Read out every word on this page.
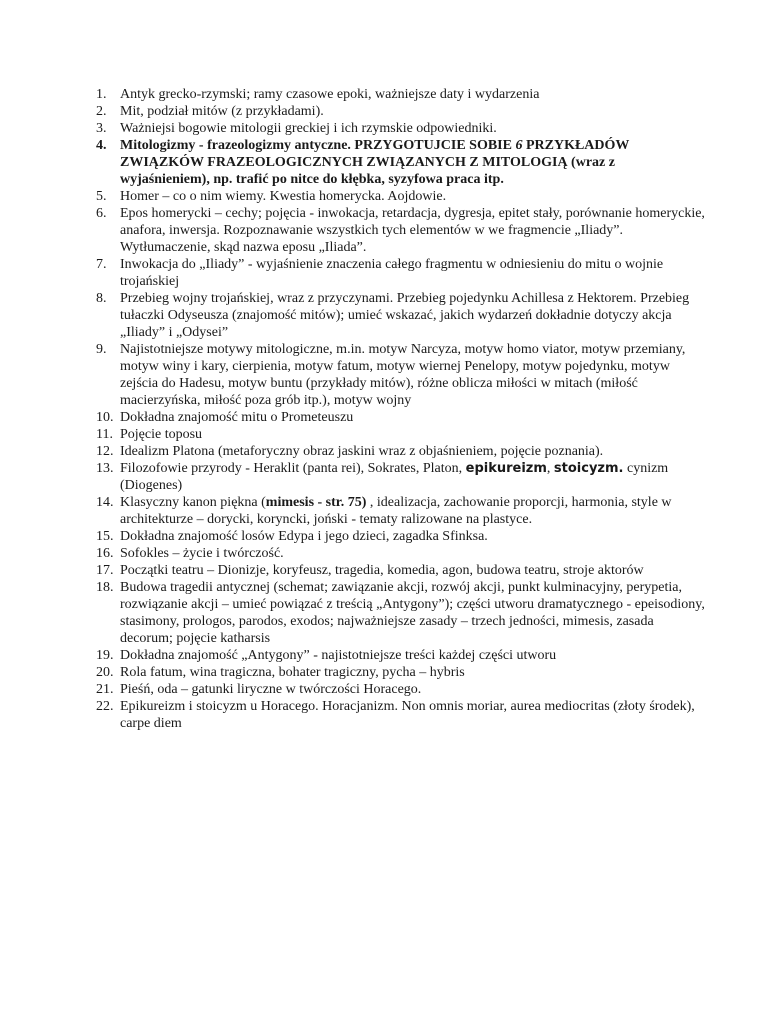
1. Antyk grecko-rzymski; ramy czasowe epoki, ważniejsze daty i wydarzenia
2. Mit, podział mitów (z przykładami).
3. Ważniejsi bogowie mitologii greckiej i ich rzymskie odpowiedniki.
4. Mitologizmy - frazeologizmy antyczne. PRZYGOTUJCIE SOBIE 6 PRZYKŁADÓW ZWIĄZKÓW FRAZEOLOGICZNYCH ZWIĄZANYCH Z MITOLOGIĄ (wraz z wyjaśnieniem), np. trafić po nitce do kłębka, syzyfowa praca itp.
5. Homer – co o nim wiemy. Kwestia homerycka. Aojdowie.
6. Epos homerycki – cechy; pojęcia - inwokacja, retardacja, dygresja, epitet stały, porównanie homeryckie, anafora, inwersja. Rozpoznawanie wszystkich tych elementów w we fragmencie „Iliady”. Wytłumaczenie, skąd nazwa eposu „Iliada”.
7. Inwokacja do „Iliady” - wyjaśnienie znaczenia całego fragmentu w odniesieniu do mitu o wojnie trojańskiej
8. Przebieg wojny trojańskiej, wraz z przyczynami. Przebieg pojedynku Achillesa z Hektorem. Przebieg tułaczki Odyseusza (znajomość mitów); umieć wskazać, jakich wydarzeń dokładnie dotyczy akcja „Iliady” i „Odysei”
9. Najistotniejsze motywy mitologiczne, m.in. motyw Narcyza, motyw homo viator, motyw przemiany, motyw winy i kary, cierpienia, motyw fatum, motyw wiernej Penelopy, motyw pojedynku, motyw zejścia do Hadesu, motyw buntu (przykłady mitów), różne oblicza miłości w mitach (miłość macierzyńska, miłość poza grób itp.), motyw wojny
10. Dokładna znajomość mitu o Prometeuszu
11. Pojęcie toposu
12. Idealizm Platona (metaforyczny obraz jaskini wraz z objaśnieniem, pojęcie poznania).
13. Filozofowie przyrody - Heraklit (panta rei), Sokrates, Platon, epikureizm, stoicyzm. cynizm (Diogenes)
14. Klasyczny kanon piękna (mimesis - str. 75) , idealizacja, zachowanie proporcji, harmonia, style w architekturze – dorycki, koryncki, joński - tematy ralizowane na plastyce.
15. Dokładna znajomość losów Edypa i jego dzieci, zagadka Sfinksa.
16. Sofokles – życie i twórczość.
17. Początki teatru – Dionizje, koryfeusz, tragedia, komedia, agon, budowa teatru, stroje aktorów
18. Budowa tragedii antycznej (schemat; zawiązanie akcji, rozwój akcji, punkt kulminacyjny, perypetia, rozwiązanie akcji – umieć powiązać z treścią „Antygony”); części utworu dramatycznego - epeisodiony, stasimony, prologos, parodos, exodos; najważniejsze zasady – trzech jedności, mimesis, zasada decorum; pojęcie katharsis
19. Dokładna znajomość „Antygony” - najistotniejsze treści każdej części utworu
20. Rola fatum, wina tragiczna, bohater tragiczny, pycha – hybris
21. Pieśń, oda – gatunki liryczne w twórczości Horacego.
22. Epikureizm i stoicyzm u Horacego. Horacjanizm. Non omnis moriar, aurea mediocritas (złoty środek), carpe diem
